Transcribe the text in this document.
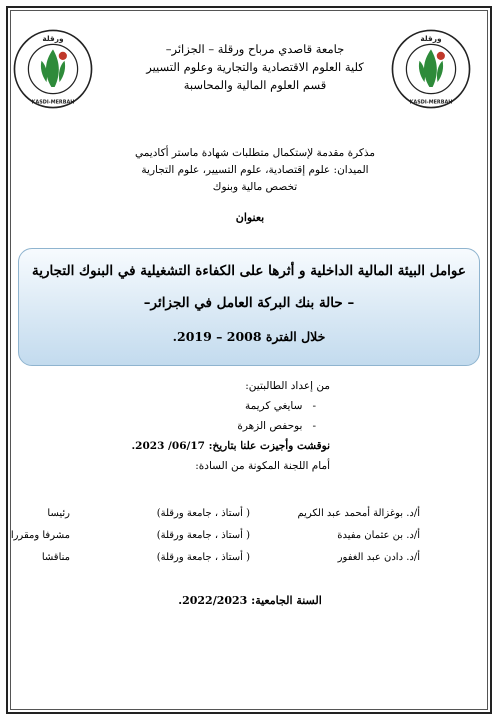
ورقلة
KASDI-MERBAH
ورقلة
KASDI-MERBAH
جامعة قاصدي مرباح ورقلة – الجزائر–
كلية العلوم الاقتصادية والتجارية وعلوم التسيير
قسم العلوم المالية والمحاسبة
مذكرة مقدمة لإستكمال متطلبات شهادة ماستر أكاديمي
الميدان: علوم إقتصادية، علوم التسيير، علوم التجارية
تخصص مالية وبنوك
بعنوان
عوامل البيئة المالية الداخلية و أثرها على الكفاءة التشغيلية في البنوك التجارية
– حالة بنك البركة العامل في الجزائر–
خلال الفترة 2008 – 2019.
من إعداد الطالبتين:
-   سايغي كريمة
-   بوحفص الزهرة
نوقشت وأجيزت علنا بتاريخ: 06/17/ 2023.
أمام اللجنة المكونة من السادة:
أ/د. بوغزالة أمحمد عبد الكريم
( أستاذ ، جامعة ورقلة)
رئيسا
أ/د. بن عثمان مفيدة
( أستاذ ، جامعة ورقلة)
مشرفا ومقررا
أ/د. دادن عبد الغفور
( أستاذ ، جامعة ورقلة)
مناقشا
السنة الجامعية: 2022/2023.
